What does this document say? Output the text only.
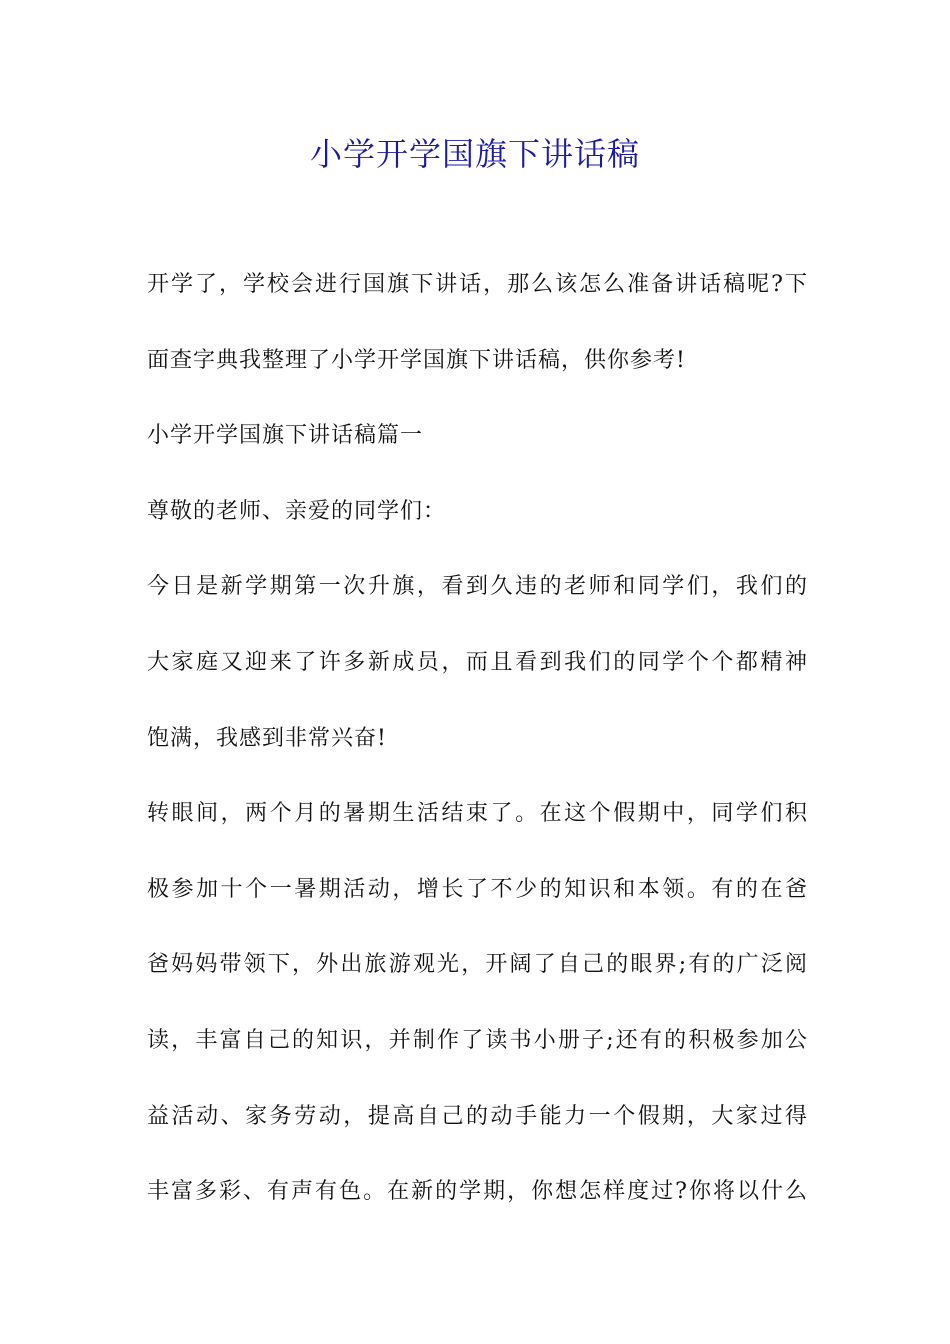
小学开学国旗下讲话稿
开学了，学校会进行国旗下讲话，那么该怎么准备讲话稿呢?下
面查字典我整理了小学开学国旗下讲话稿，供你参考!
小学开学国旗下讲话稿篇一
尊敬的老师、亲爱的同学们：
今日是新学期第一次升旗，看到久违的老师和同学们，我们的
大家庭又迎来了许多新成员，而且看到我们的同学个个都精神
饱满，我感到非常兴奋!
转眼间，两个月的暑期生活结束了。在这个假期中，同学们积
极参加十个一暑期活动，增长了不少的知识和本领。有的在爸
爸妈妈带领下，外出旅游观光，开阔了自己的眼界;有的广泛阅
读，丰富自己的知识，并制作了读书小册子;还有的积极参加公
益活动、家务劳动，提高自己的动手能力一个假期，大家过得
丰富多彩、有声有色。在新的学期，你想怎样度过?你将以什么
